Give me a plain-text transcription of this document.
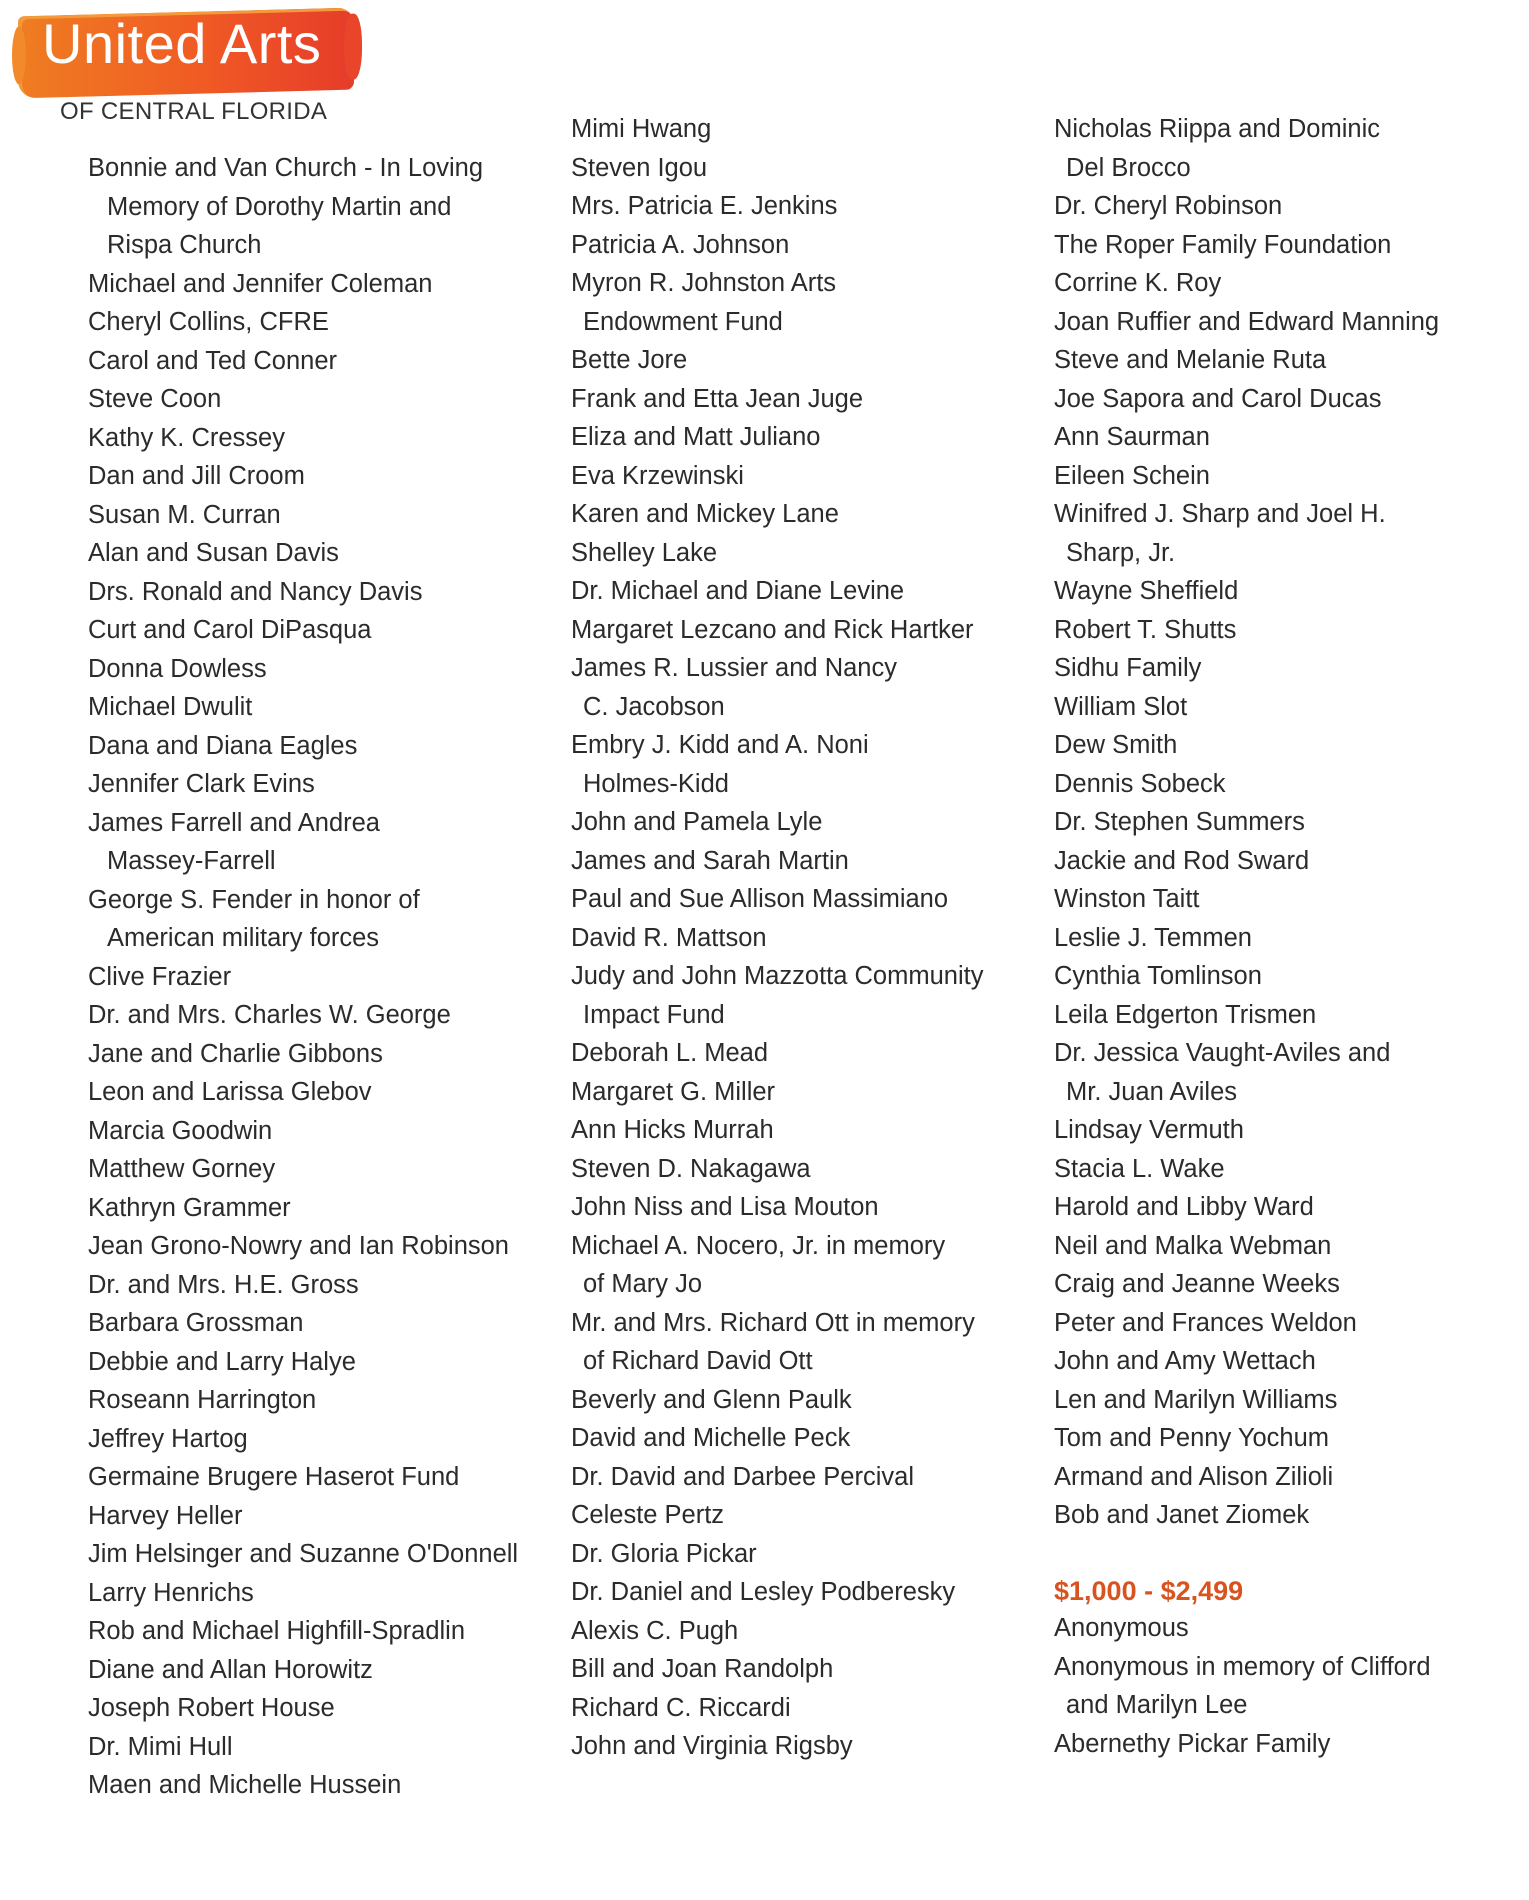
United Arts
OF CENTRAL FLORIDA
Bonnie and Van Church - In Loving
Memory of Dorothy Martin and
Rispa Church
Michael and Jennifer Coleman
Cheryl Collins, CFRE
Carol and Ted Conner
Steve Coon
Kathy K. Cressey
Dan and Jill Croom
Susan M. Curran
Alan and Susan Davis
Drs. Ronald and Nancy Davis
Curt and Carol DiPasqua
Donna Dowless
Michael Dwulit
Dana and Diana Eagles
Jennifer Clark Evins
James Farrell and Andrea
Massey-Farrell
George S. Fender in honor of
American military forces
Clive Frazier
Dr. and Mrs. Charles W. George
Jane and Charlie Gibbons
Leon and Larissa Glebov
Marcia Goodwin
Matthew Gorney
Kathryn Grammer
Jean Grono-Nowry and Ian Robinson
Dr. and Mrs. H.E. Gross
Barbara Grossman
Debbie and Larry Halye
Roseann Harrington
Jeffrey Hartog
Germaine Brugere Haserot Fund
Harvey Heller
Jim Helsinger and Suzanne O'Donnell
Larry Henrichs
Rob and Michael Highfill-Spradlin
Diane and Allan Horowitz
Joseph Robert House
Dr. Mimi Hull
Maen and Michelle Hussein
Mimi Hwang
Steven Igou
Mrs. Patricia E. Jenkins
Patricia A. Johnson
Myron R. Johnston Arts
Endowment Fund
Bette Jore
Frank and Etta Jean Juge
Eliza and Matt Juliano
Eva Krzewinski
Karen and Mickey Lane
Shelley Lake
Dr. Michael and Diane Levine
Margaret Lezcano and Rick Hartker
James R. Lussier and Nancy
C. Jacobson
Embry J. Kidd and A. Noni
Holmes-Kidd
John and Pamela Lyle
James and Sarah Martin
Paul and Sue Allison Massimiano
David R. Mattson
Judy and John Mazzotta Community
Impact Fund
Deborah L. Mead
Margaret G. Miller
Ann Hicks Murrah
Steven D. Nakagawa
John Niss and Lisa Mouton
Michael A. Nocero, Jr. in memory
of Mary Jo
Mr. and Mrs. Richard Ott in memory
of Richard David Ott
Beverly and Glenn Paulk
David and Michelle Peck
Dr. David and Darbee Percival
Celeste Pertz
Dr. Gloria Pickar
Dr. Daniel and Lesley Podberesky
Alexis C. Pugh
Bill and Joan Randolph
Richard C. Riccardi
John and Virginia Rigsby
Nicholas Riippa and Dominic
Del Brocco
Dr. Cheryl Robinson
The Roper Family Foundation
Corrine K. Roy
Joan Ruffier and Edward Manning
Steve and Melanie Ruta
Joe Sapora and Carol Ducas
Ann Saurman
Eileen Schein
Winifred J. Sharp and Joel H.
Sharp, Jr.
Wayne Sheffield
Robert T. Shutts
Sidhu Family
William Slot
Dew Smith
Dennis Sobeck
Dr. Stephen Summers
Jackie and Rod Sward
Winston Taitt
Leslie J. Temmen
Cynthia Tomlinson
Leila Edgerton Trismen
Dr. Jessica Vaught-Aviles and
Mr. Juan Aviles
Lindsay Vermuth
Stacia L. Wake
Harold and Libby Ward
Neil and Malka Webman
Craig and Jeanne Weeks
Peter and Frances Weldon
John and Amy Wettach
Len and Marilyn Williams
Tom and Penny Yochum
Armand and Alison Zilioli
Bob and Janet Ziomek
$1,000 - $2,499
Anonymous
Anonymous in memory of Clifford
and Marilyn Lee
Abernethy Pickar Family
